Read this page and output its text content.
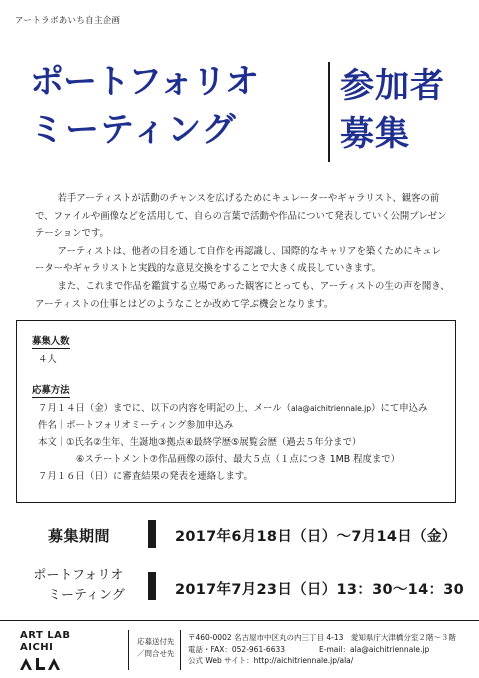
アートラボあいち自主企画
ポートフォリオ
ミーティング
参加者
募集

若手アーティストが活動のチャンスを広げるためにキュレーターやギャラリスト、観客の前で、ファイルや画像などを活用して、自らの言葉で活動や作品について発表していく公開プレゼンテーションです。

アーティストは、他者の目を通して自作を再認識し、国際的なキャリアを築くためにキュレーターやギャラリストと実践的な意見交換をすることで大きく成長していきます。

また、これまで作品を鑑賞する立場であった観客にとっても、アーティストの生の声を聞き、アーティストの仕事とはどのようなことか改めて学ぶ機会となります。

募集人数
４人
応募方法
７月１４日（金）までに、以下の内容を明記の上、メール（ala@aichitriennale.jp）にて申込み
件名｜ポートフォリオミーティング参加申込み
本文｜①氏名②生年、生誕地③拠点④最終学歴⑤展覧会歴（過去５年分まで）
⑥ステートメント⑦作品画像の添付、最大５点（１点につき 1MB 程度まで）
７月１６日（日）に審査結果の発表を連絡します。
募集期間	2017年6月18日（日）〜7月14日（金）
ポートフォリオ
ミーティング	2017年7月23日（日）13：30〜14：30
ART LAB
AICHI
応募送付先
／問合せ先
〒460-0002 名古屋市中区丸の内三丁目 4-13　愛知県庁大津橋分室２階〜３階
電話・FAX：052-961-6633	E-mail：ala@aichitriennale.jp
公式 Web サイト：http://aichitriennale.jp/ala/
